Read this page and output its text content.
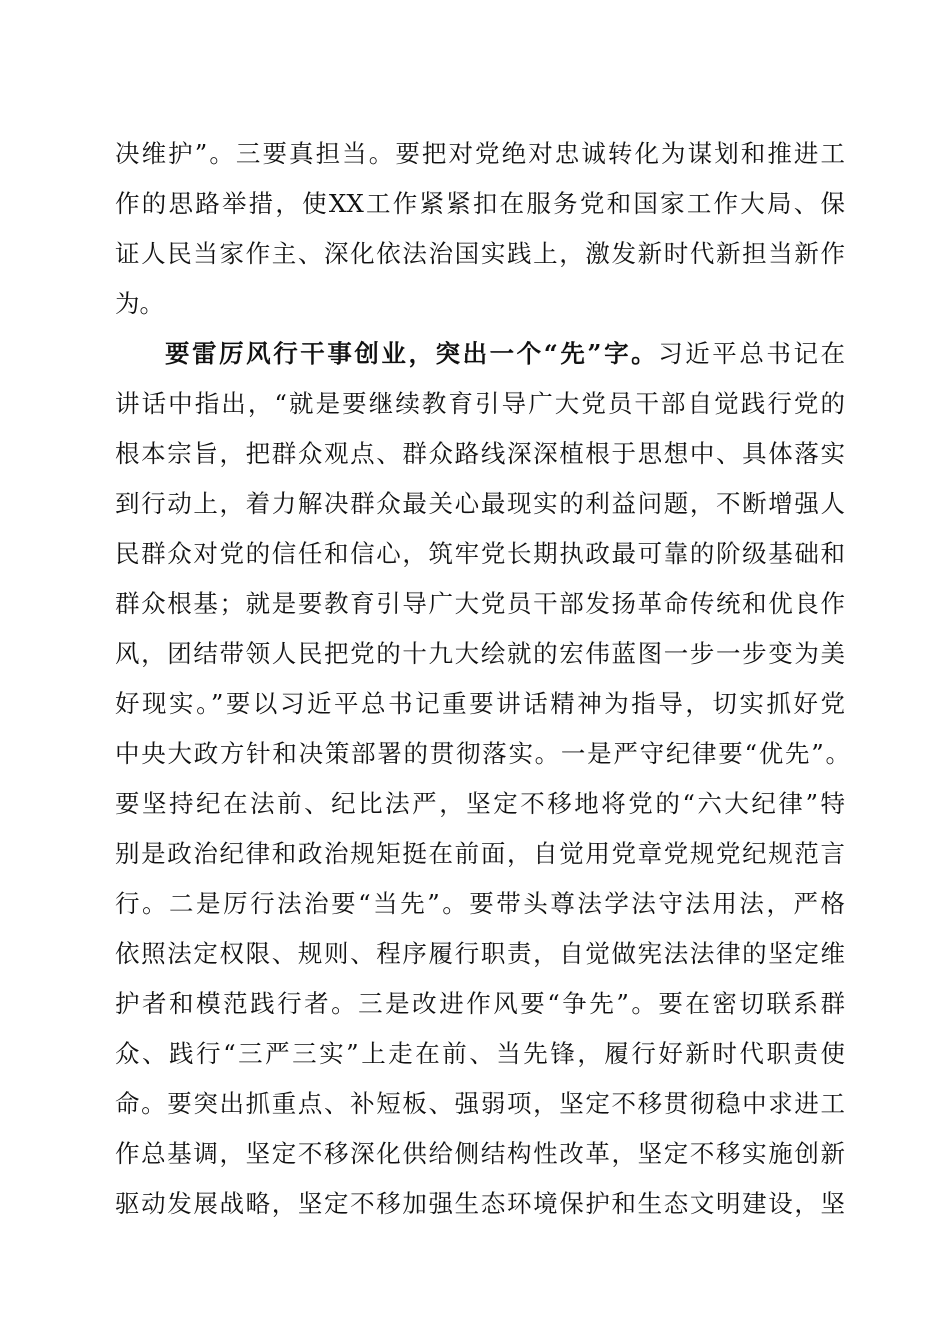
决维护”。三要真担当。要把对党绝对忠诚转化为谋划和推进工
作的思路举措，使XX工作紧紧扣在服务党和国家工作大局、保
证人民当家作主、深化依法治国实践上，激发新时代新担当新作
为。
要雷厉风行干事创业，突出一个“先”字。习近平总书记在
讲话中指出，“就是要继续教育引导广大党员干部自觉践行党的
根本宗旨，把群众观点、群众路线深深植根于思想中、具体落实
到行动上，着力解决群众最关心最现实的利益问题，不断增强人
民群众对党的信任和信心，筑牢党长期执政最可靠的阶级基础和
群众根基；就是要教育引导广大党员干部发扬革命传统和优良作
风，团结带领人民把党的十九大绘就的宏伟蓝图一步一步变为美
好现实。”要以习近平总书记重要讲话精神为指导，切实抓好党
中央大政方针和决策部署的贯彻落实。一是严守纪律要“优先”。
要坚持纪在法前、纪比法严，坚定不移地将党的“六大纪律”特
别是政治纪律和政治规矩挺在前面，自觉用党章党规党纪规范言
行。二是厉行法治要“当先”。要带头尊法学法守法用法，严格
依照法定权限、规则、程序履行职责，自觉做宪法法律的坚定维
护者和模范践行者。三是改进作风要“争先”。要在密切联系群
众、践行“三严三实”上走在前、当先锋，履行好新时代职责使
命。要突出抓重点、补短板、强弱项，坚定不移贯彻稳中求进工
作总基调，坚定不移深化供给侧结构性改革，坚定不移实施创新
驱动发展战略，坚定不移加强生态环境保护和生态文明建设，坚
